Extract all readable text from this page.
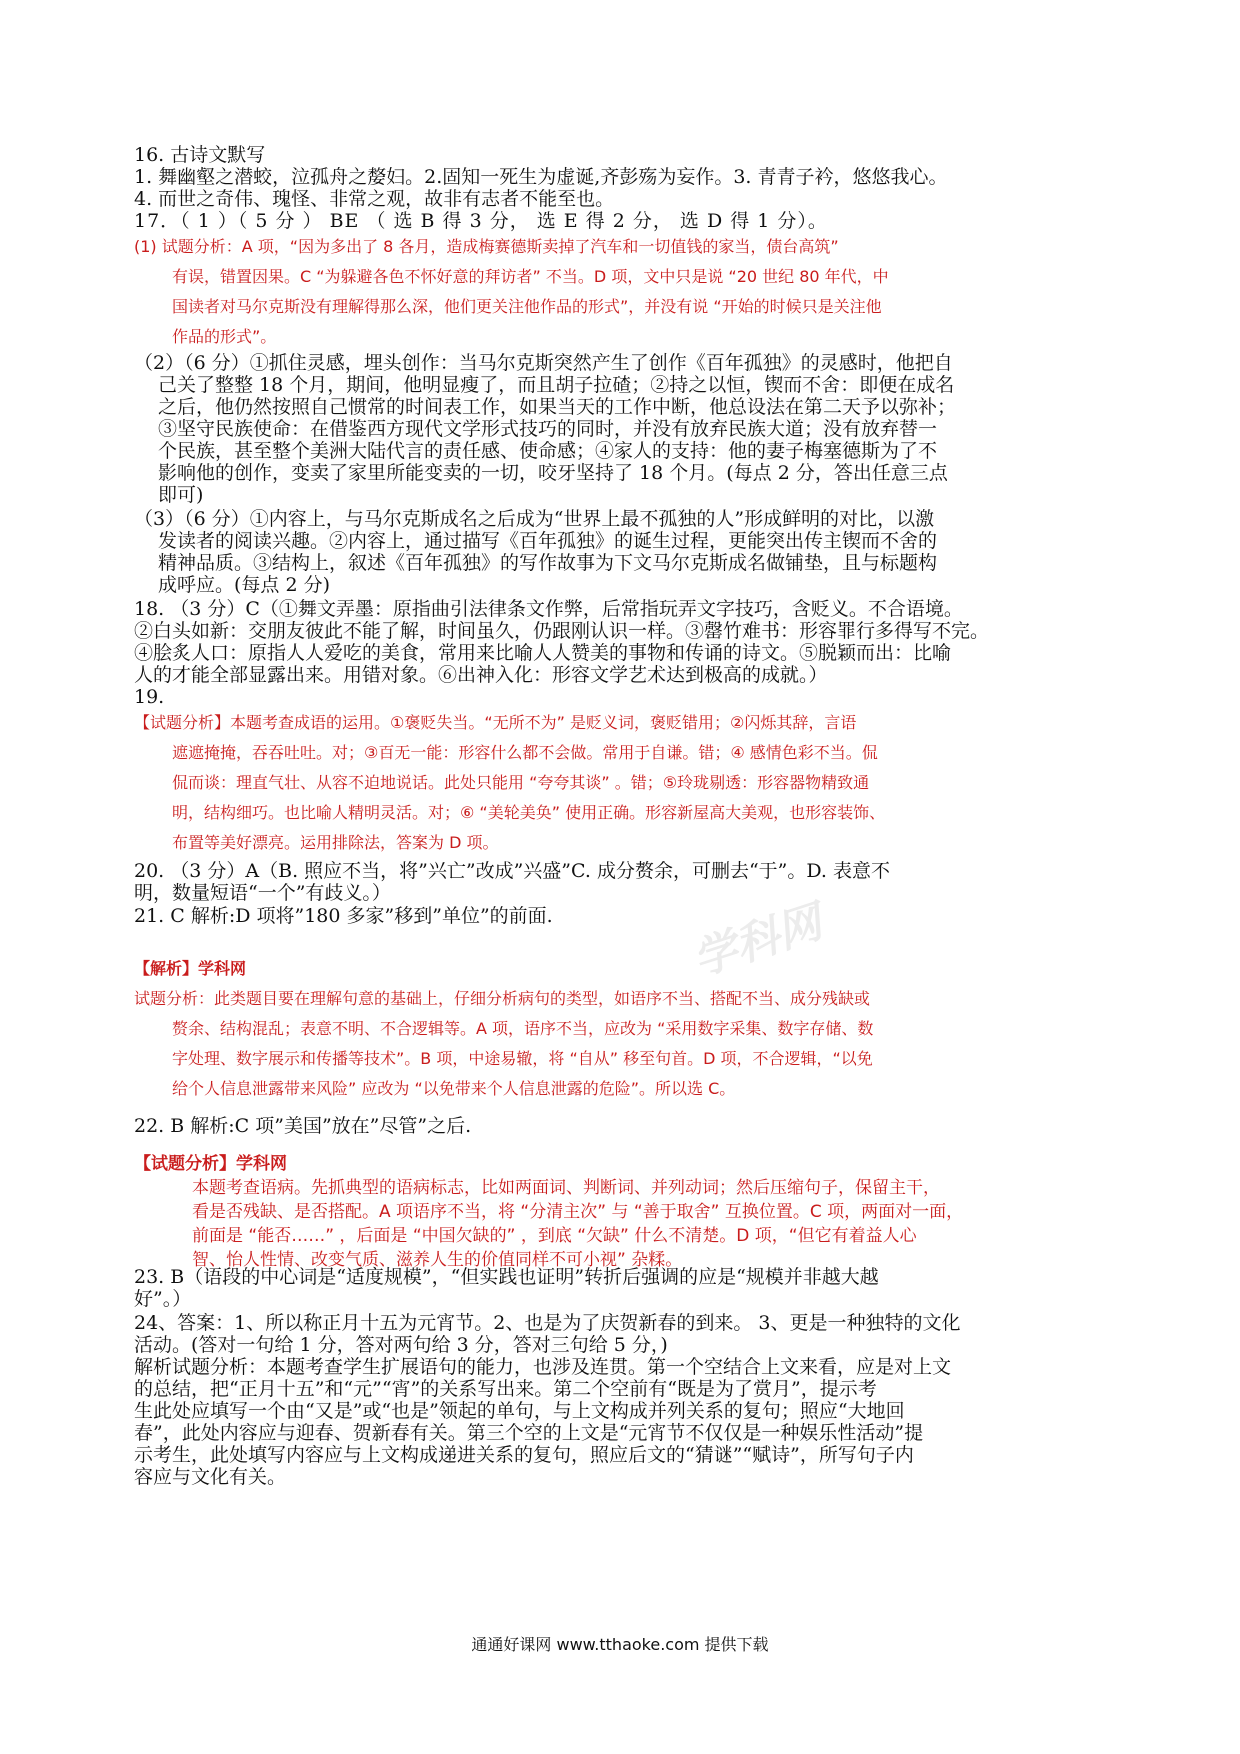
学科网
16. 古诗文默写
1. 舞幽壑之潜蛟，泣孤舟之嫠妇。2.固知一死生为虚诞,齐彭殇为妄作。3. 青青子衿，悠悠我心。
4. 而世之奇伟、瑰怪、非常之观，故非有志者不能至也。
17．（ 1 ）（ 5 分 ） BE （ 选 B 得 3 分， 选 E 得 2 分， 选 D 得 1 分）。
(1) 试题分析：A 项，“因为多出了 8 各月，造成梅赛德斯卖掉了汽车和一切值钱的家当，债台高筑”
有误，错置因果。C “为躲避各色不怀好意的拜访者” 不当。D 项，文中只是说 “20 世纪 80 年代，中
国读者对马尔克斯没有理解得那么深，他们更关注他作品的形式”，并没有说 “开始的时候只是关注他
作品的形式”。
（2）（6 分）①抓住灵感，埋头创作：当马尔克斯突然产生了创作《百年孤独》的灵感时，他把自
己关了整整 18 个月，期间，他明显瘦了，而且胡子拉碴；②持之以恒，锲而不舍：即便在成名
之后，他仍然按照自己惯常的时间表工作，如果当天的工作中断，他总设法在第二天予以弥补；
③坚守民族使命：在借鉴西方现代文学形式技巧的同时，并没有放弃民族大道；没有放弃替一
个民族，甚至整个美洲大陆代言的责任感、使命感；④家人的支持：他的妻子梅塞德斯为了不
影响他的创作，变卖了家里所能变卖的一切，咬牙坚持了 18 个月。(每点 2 分，答出任意三点
即可)
（3）（6 分）①内容上，与马尔克斯成名之后成为“世界上最不孤独的人”形成鲜明的对比，以激
发读者的阅读兴趣。②内容上，通过描写《百年孤独》的诞生过程，更能突出传主锲而不舍的
精神品质。③结构上，叙述《百年孤独》的写作故事为下文马尔克斯成名做铺垫，且与标题构
成呼应。(每点 2 分)
18. （3 分）C（①舞文弄墨：原指曲引法律条文作弊，后常指玩弄文字技巧，含贬义。不合语境。
②白头如新：交朋友彼此不能了解，时间虽久，仍跟刚认识一样。③罄竹难书：形容罪行多得写不完。
④脍炙人口：原指人人爱吃的美食，常用来比喻人人赞美的事物和传诵的诗文。⑤脱颖而出：比喻
人的才能全部显露出来。用错对象。⑥出神入化：形容文学艺术达到极高的成就。）
19.
【试题分析】本题考查成语的运用。①褒贬失当。“无所不为” 是贬义词，褒贬错用；②闪烁其辞，言语
遮遮掩掩，吞吞吐吐。对；③百无一能：形容什么都不会做。常用于自谦。错；④ 感情色彩不当。侃
侃而谈：理直气壮、从容不迫地说话。此处只能用 “夸夸其谈” 。错；⑤玲珑剔透：形容器物精致通
明，结构细巧。也比喻人精明灵活。对；⑥ “美轮美奂” 使用正确。形容新屋高大美观，也形容装饰、
布置等美好漂亮。运用排除法，答案为 D 项。
20. （3 分）A（B. 照应不当，将”兴亡”改成”兴盛”C. 成分赘余，可删去“于”。D. 表意不
明，数量短语“一个”有歧义。）
21. C 解析:D 项将”180 多家”移到”单位”的前面.
【解析】学科网
试题分析：此类题目要在理解句意的基础上，仔细分析病句的类型，如语序不当、搭配不当、成分残缺或
赘余、结构混乱；表意不明、不合逻辑等。A 项，语序不当，应改为 “采用数字采集、数字存储、数
字处理、数字展示和传播等技术”。B 项，中途易辙，将 “自从” 移至句首。D 项，不合逻辑，“以免
给个人信息泄露带来风险” 应改为 “以免带来个人信息泄露的危险”。所以选 C。
22. B 解析:C 项”美国”放在”尽管”之后.
【试题分析】学科网
本题考查语病。先抓典型的语病标志，比如两面词、判断词、并列动词；然后压缩句子，保留主干，
看是否残缺、是否搭配。A 项语序不当，将 “分清主次” 与 “善于取舍” 互换位置。C 项，两面对一面，
前面是 “能否……” ，后面是 “中国欠缺的” ，到底 “欠缺” 什么不清楚。D 项，“但它有着益人心
智、怡人性情、改变气质、滋养人生的价值同样不可小视” 杂糅。
23. B（语段的中心词是“适度规模”，“但实践也证明”转折后强调的应是“规模并非越大越
好”。）
24、答案：1、所以称正月十五为元宵节。2、也是为了庆贺新春的到来。 3、更是一种独特的文化
活动。(答对一句给 1 分，答对两句给 3 分，答对三句给 5 分，)
解析试题分析：本题考查学生扩展语句的能力，也涉及连贯。第一个空结合上文来看，应是对上文
的总结，把“正月十五”和“元”“宵”的关系写出来。第二个空前有“既是为了赏月”，提示考
生此处应填写一个由“又是”或“也是”领起的单句，与上文构成并列关系的复句；照应“大地回
春”，此处内容应与迎春、贺新春有关。第三个空的上文是“元宵节不仅仅是一种娱乐性活动”提
示考生，此处填写内容应与上文构成递进关系的复句，照应后文的“猜谜”“赋诗”，所写句子内
容应与文化有关。
通通好课网 www.tthaoke.com 提供下载
